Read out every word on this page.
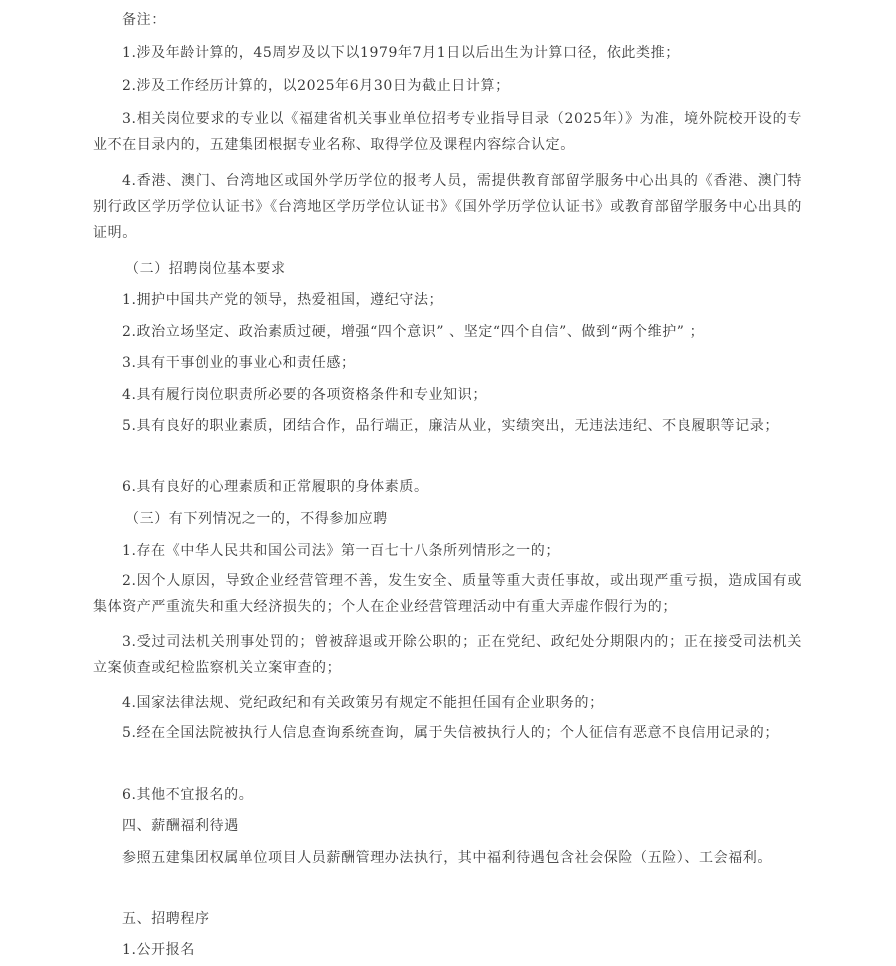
备注：

1.涉及年龄计算的，45周岁及以下以1979年7月1日以后出生为计算口径，依此类推；

2.涉及工作经历计算的，以2025年6月30日为截止日计算；

3.相关岗位要求的专业以《福建省机关事业单位招考专业指导目录（2025年）》为准，境外院校开设的专业不在目录内的，五建集团根据专业名称、取得学位及课程内容综合认定。

4.香港、澳门、台湾地区或国外学历学位的报考人员，需提供教育部留学服务中心出具的《香港、澳门特别行政区学历学位认证书》《台湾地区学历学位认证书》《国外学历学位认证书》或教育部留学服务中心出具的证明。

（二）招聘岗位基本要求

1.拥护中国共产党的领导，热爱祖国，遵纪守法；

2.政治立场坚定、政治素质过硬，增强“四个意识” 、坚定“四个自信”、做到“两个维护” ；

3.具有干事创业的事业心和责任感；

4.具有履行岗位职责所必要的各项资格条件和专业知识；

5.具有良好的职业素质，团结合作，品行端正，廉洁从业，实绩突出，无违法违纪、不良履职等记录；

6.具有良好的心理素质和正常履职的身体素质。

（三）有下列情况之一的，不得参加应聘

1.存在《中华人民共和国公司法》第一百七十八条所列情形之一的；

2.因个人原因，导致企业经营管理不善，发生安全、质量等重大责任事故，或出现严重亏损，造成国有或集体资产严重流失和重大经济损失的；个人在企业经营管理活动中有重大弄虚作假行为的；

3.受过司法机关刑事处罚的；曾被辞退或开除公职的；正在党纪、政纪处分期限内的；正在接受司法机关立案侦查或纪检监察机关立案审查的；

4.国家法律法规、党纪政纪和有关政策另有规定不能担任国有企业职务的；

5.经在全国法院被执行人信息查询系统查询，属于失信被执行人的；个人征信有恶意不良信用记录的；

6.其他不宜报名的。

四、薪酬福利待遇

参照五建集团权属单位项目人员薪酬管理办法执行，其中福利待遇包含社会保险（五险）、工会福利。

五、招聘程序

1.公开报名
